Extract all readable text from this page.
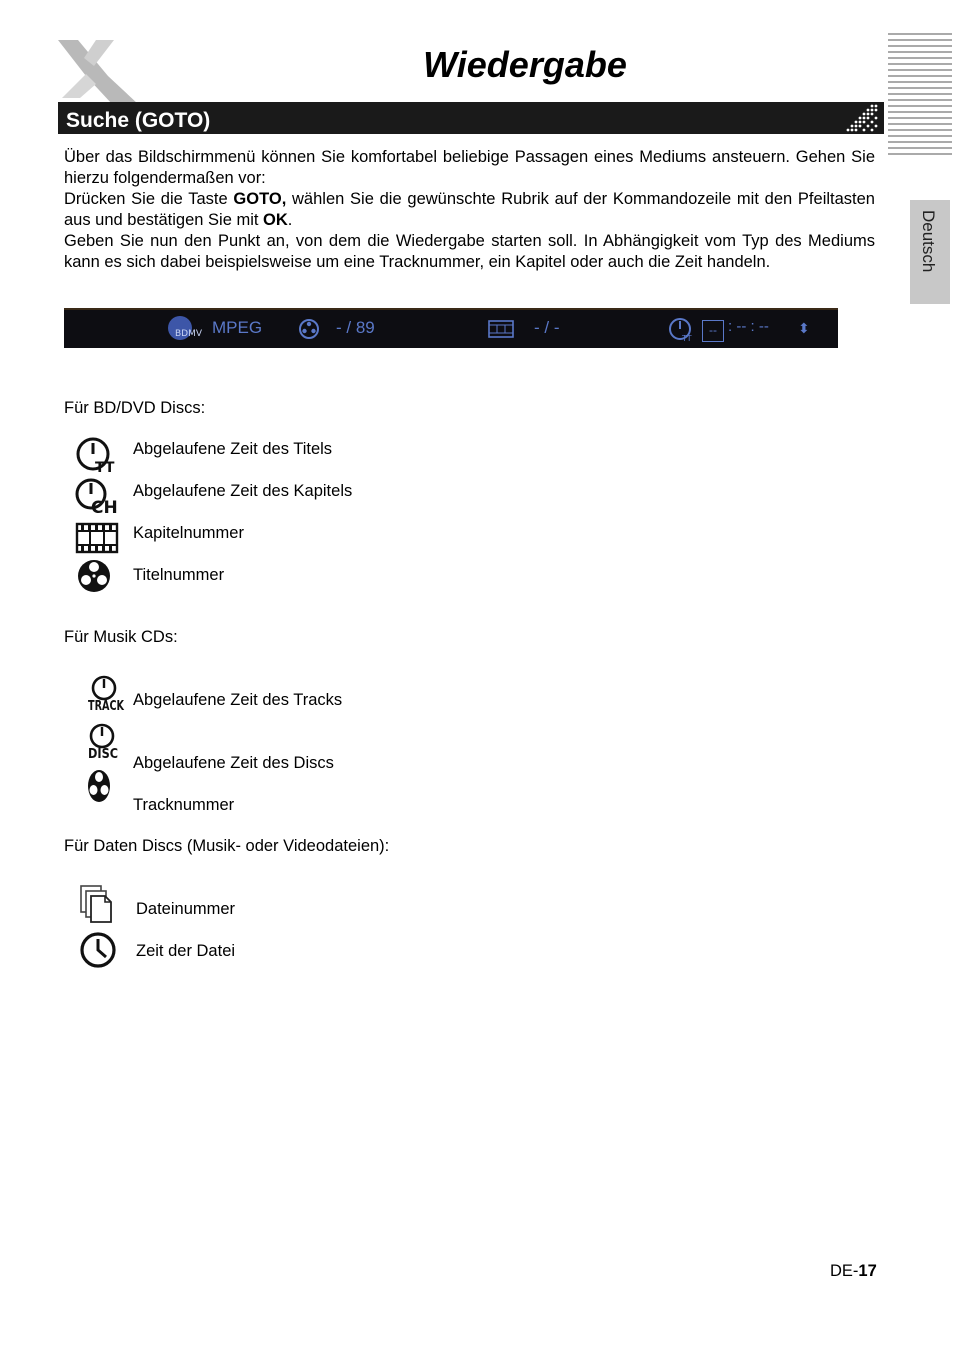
Wiedergabe
Deutsch
Suche (GOTO)

Über das Bildschirmmenü können Sie komfortabel beliebige Passagen eines Mediums ansteuern. Gehen Sie hierzu folgendermaßen vor:

Drücken Sie die Taste GOTO, wählen Sie die gewünschte Rubrik auf der Kommandozeile mit den Pfeiltasten aus und bestätigen Sie mit OK.

Geben Sie nun den Punkt an, von dem die Wiedergabe starten soll. In Abhängigkeit vom Typ des Mediums kann es sich dabei beispielsweise um eine Tracknummer, ein Kapitel oder auch die Zeit handeln.

BDMV MPEG	- / 89	- / -
TT
-- : -- : -- ⬍
Für BD/DVD Discs:
TT
Abgelaufene Zeit des Titels
CH
Abgelaufene Zeit des Kapitels
Kapitelnummer
Titelnummer
Für Musik CDs:
TRACK Abgelaufene Zeit des Tracks
DISC Abgelaufene Zeit des Discs
Tracknummer
Für Daten Discs (Musik- oder Videodateien):
Dateinummer
Zeit der Datei
DE-17
